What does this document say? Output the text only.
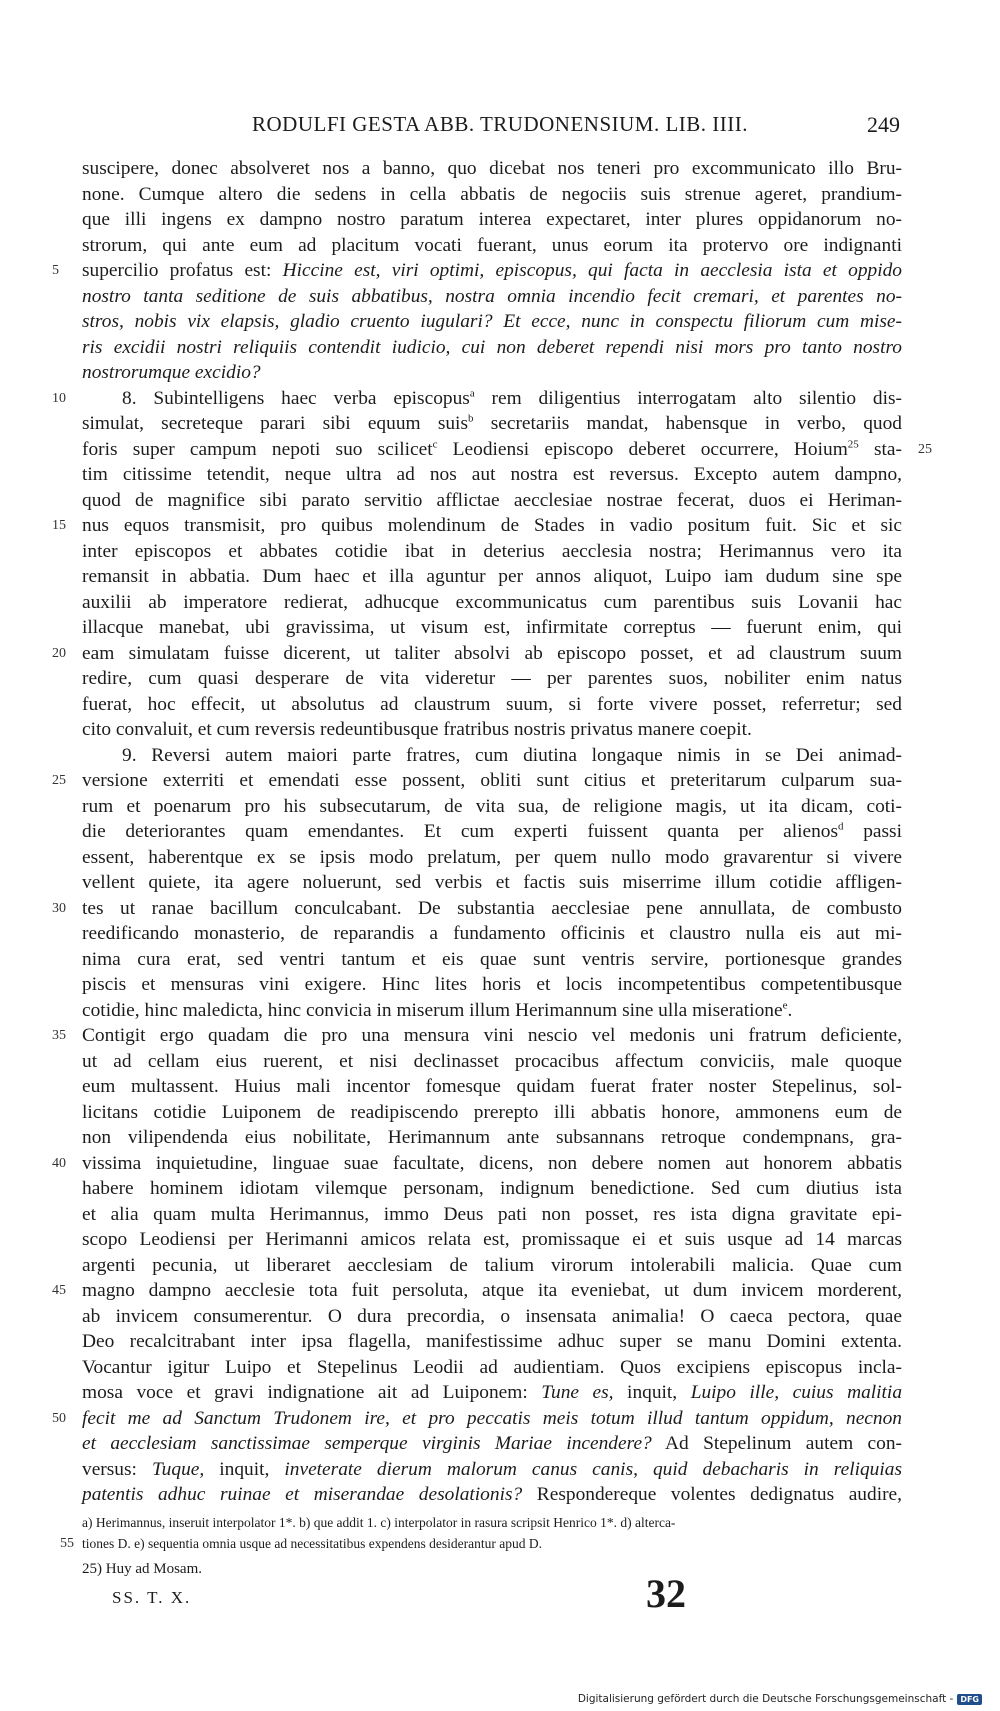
RODULFI GESTA ABB. TRUDONENSIUM. LIB. IIII.	249
suscipere, donec absolveret nos a banno, quo dicebat nos teneri pro excommunicato illo Bru-
none. Cumque altero die sedens in cella abbatis de negociis suis strenue ageret, prandium-
que illi ingens ex dampno nostro paratum interea expectaret, inter plures oppidanorum no-
strorum, qui ante eum ad placitum vocati fuerant, unus eorum ita protervo ore indignanti
5	supercilio profatus est: Hiccine est, viri optimi, episcopus, qui facta in aecclesia ista et oppido
nostro tanta seditione de suis abbatibus, nostra omnia incendio fecit cremari, et parentes no-
stros, nobis vix elapsis, gladio cruento iugulari? Et ecce, nunc in conspectu filiorum cum mise-
ris excidii nostri reliquiis contendit iudicio, cui non deberet rependi nisi mors pro tanto nostro
nostrorumque excidio?
10	8. Subintelligens haec verba episcopus$^a$ rem diligentius interrogatam alto silentio dis-
simulat, secreteque parari sibi equum suis$^b$ secretariis mandat, habensque in verbo, quod
foris super campum nepoti suo scilicet$^c$ Leodiensi episcopo deberet occurrere, Hoium$^{25}$ sta- 25
tim citissime tetendit, neque ultra ad nos aut nostra est reversus. Excepto autem dampno,
quod de magnifice sibi parato servitio afflictae aecclesiae nostrae fecerat, duos ei Heriman-
15 nus equos transmisit, pro quibus molendinum de Stades in vadio positum fuit. Sic et sic
inter episcopos et abbates cotidie ibat in deterius aecclesia nostra; Herimannus vero ita
remansit in abbatia. Dum haec et illa aguntur per annos aliquot, Luipo iam dudum sine spe
auxilii ab imperatore redierat, adhucque excommunicatus cum parentibus suis Lovanii hac
illacque manebat, ubi gravissima, ut visum est, infirmitate correptus — fuerunt enim, qui
20 eam simulatam fuisse dicerent, ut taliter absolvi ab episcopo posset, et ad claustrum suum
redire, cum quasi desperare de vita videretur — per parentes suos, nobiliter enim natus
fuerat, hoc effecit, ut absolutus ad claustrum suum, si forte vivere posset, referretur; sed
cito convaluit, et cum reversis redeuntibusque fratribus nostris privatus manere coepit.
9. Reversi autem maiori parte fratres, cum diutina longaque nimis in se Dei animad-
25 versione exterriti et emendati esse possent, obliti sunt citius et preteritarum culparum sua-
rum et poenarum pro his subsecutarum, de vita sua, de religione magis, ut ita dicam, coti-
die deteriorantes quam emendantes. Et cum experti fuissent quanta per alienos$^d$ passi
essent, haberentque ex se ipsis modo prelatum, per quem nullo modo gravarentur si vivere
vellent quiete, ita agere noluerunt, sed verbis et factis suis miserrime illum cotidie affligen-
30 tes ut ranae bacillum conculcabant. De substantia aecclesiae pene annullata, de combusto
reedificando monasterio, de reparandis a fundamento officinis et claustro nulla eis aut mi-
nima cura erat, sed ventri tantum et eis quae sunt ventris servire, portionesque grandes
piscis et mensuras vini exigere. Hinc lites horis et locis incompetentibus competentibusque
cotidie, hinc maledicta, hinc convicia in miserum illum Herimannum sine ulla miseratione$^e$.
35 Contigit ergo quadam die pro una mensura vini nescio vel medonis uni fratrum deficiente,
ut ad cellam eius ruerent, et nisi declinasset procacibus affectum conviciis, male quoque
eum multassent. Huius mali incentor fomesque quidam fuerat frater noster Stepelinus, sol-
licitans cotidie Luiponem de readipiscendo prerepto illi abbatis honore, ammonens eum de
non vilipendenda eius nobilitate, Herimannum ante subsannans retroque condempnans, gra-
40 vissima inquietudine, linguae suae facultate, dicens, non debere nomen aut honorem abbatis
habere hominem idiotam vilemque personam, indignum benedictione. Sed cum diutius ista
et alia quam multa Herimannus, immo Deus pati non posset, res ista digna gravitate epi-
scopo Leodiensi per Herimanni amicos relata est, promissaque ei et suis usque ad 14 marcas
argenti pecunia, ut liberaret aecclesiam de talium virorum intolerabili malicia. Quae cum
45 magno dampno aecclesie tota fuit persoluta, atque ita eveniebat, ut dum invicem morderent,
ab invicem consumerentur. O dura precordia, o insensata animalia! O caeca pectora, quae
Deo recalcitrabant inter ipsa flagella, manifestissime adhuc super se manu Domini extenta.
Vocantur igitur Luipo et Stepelinus Leodii ad audientiam. Quos excipiens episcopus incla-
mosa voce et gravi indignatione ait ad Luiponem: Tune es, inquit, Luipo ille, cuius malitia
50 fecit me ad Sanctum Trudonem ire, et pro peccatis meis totum illud tantum oppidum, necnon
et aecclesiam sanctissimae semperque virginis Mariae incendere? Ad Stepelinum autem con-
versus: Tuque, inquit, inveterate dierum malorum canus canis, quid debacharis in reliquias
patentis adhuc ruinae et miserandae desolationis? Respondereque volentes dedignatus audire,
a) Herimannus, inseruit interpolator 1*. b) que addit 1. c) interpolator in rasura scripsit Henrico 1*. d) alterca-
55 tiones D. e) sequentia omnia usque ad necessitatibus expendens desiderantur apud D.
25) Huy ad Mosam.
SS. T. X.	32
Digitalisierung gefördert durch die Deutsche Forschungsgemeinschaft - DFG
